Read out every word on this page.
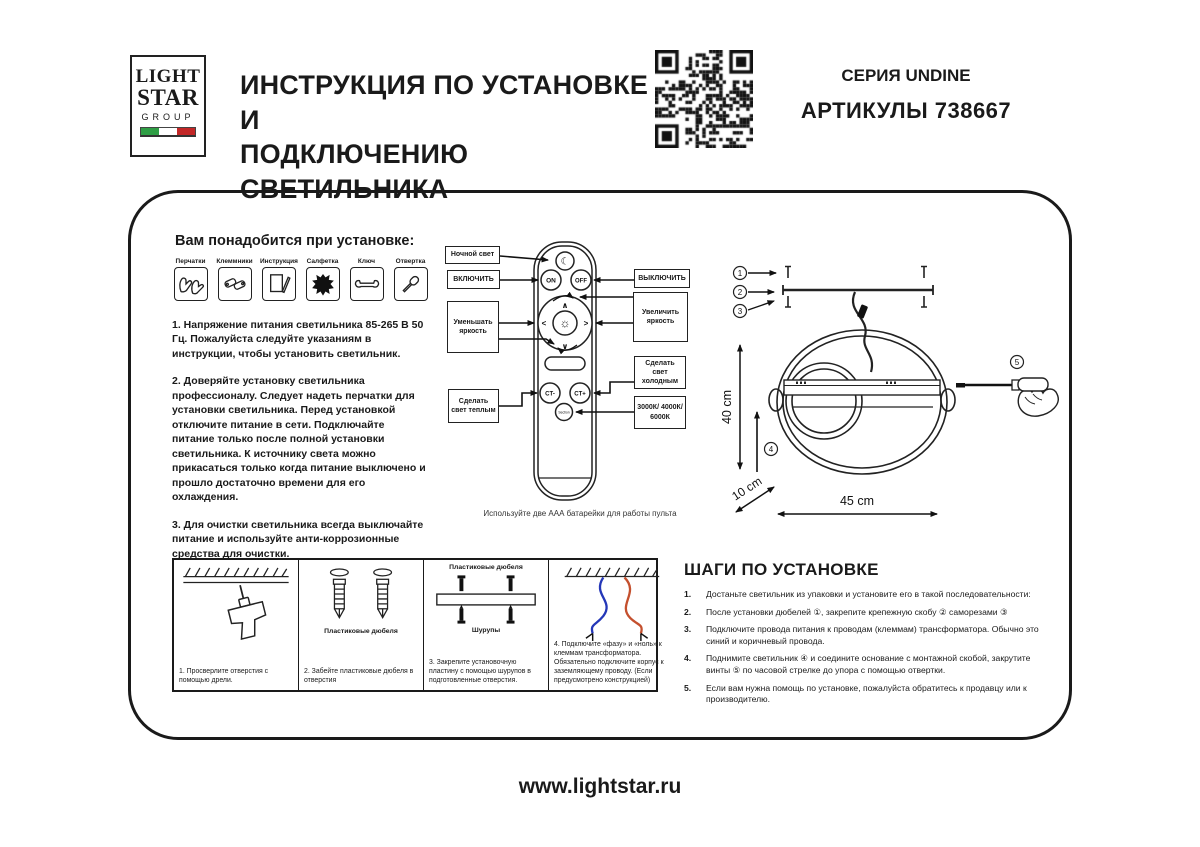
LIGHT
STAR
GROUP
ИНСТРУКЦИЯ ПО УСТАНОВКЕ И
ПОДКЛЮЧЕНИЮ СВЕТИЛЬНИКА
СЕРИЯ UNDINE
АРТИКУЛЫ 738667
Вам понадобится при установке:
Перчатки	Клеммники Инструкция	Салфетка	Ключ	Отвертка

1. Напряжение питания светильника 85-265 В 50 Гц. Пожалуйста следуйте указаниям в инструкции, чтобы установить светильник.

2. Доверяйте установку светильника профессионалу. Следует надеть перчатки для установки светильника. Перед установкой отключите питание в сети. Подключайте питание только после полной установки светильника. К источнику света можно прикасаться только когда питание выключено и прошло достаточно времени для его охлаждения.

3. Для очистки светильника всегда выключайте питание и используйте анти-коррозионные средства для очистки.

☾
ON	OFF
☼
∧
∨
<	>
CT-	CT+
Section
Ночной свет
ВКЛЮЧИТЬ
Уменьшать яркость
Сделать свет теплым
ВЫКЛЮЧИТЬ
Увеличить яркость
Сделать свет холодным
3000К/ 4000К/ 6000К
Используйте две ААА батарейки для работы пульта
1
2
3
5
4
40 cm
10 cm	45 cm
1. Просверлите отверстия с помощью дрели.
Пластиковые дюбеля
2. Забейте пластиковые дюбеля в отверстия
Пластиковые дюбеля
Шурупы
3. Закрепите установочную пластину с помощью шурупов в подготовленные отверстия.
4. Подключите «фазу» и «ноль» к клеммам трансформатора. Обязательно подключите корпус к заземляющему проводу. (Если предусмотрено конструкцией)
ШАГИ ПО УСТАНОВКЕ
1.	Достаньте светильник из упаковки и установите его в такой последовательности:
2.	После установки дюбелей ①, закрепите крепежную скобу ② саморезами ③
3.	Подключите провода питания к проводам (клеммам) трансформатора. Обычно это синий и коричневый провода.
4.	Поднимите светильник ④ и соедините основание с монтажной скобой, закрутите винты ⑤ по часовой стрелке до упора с помощью отвертки.
5.	Если вам нужна помощь по установке, пожалуйста обратитесь к продавцу или к производителю.
www.lightstar.ru
